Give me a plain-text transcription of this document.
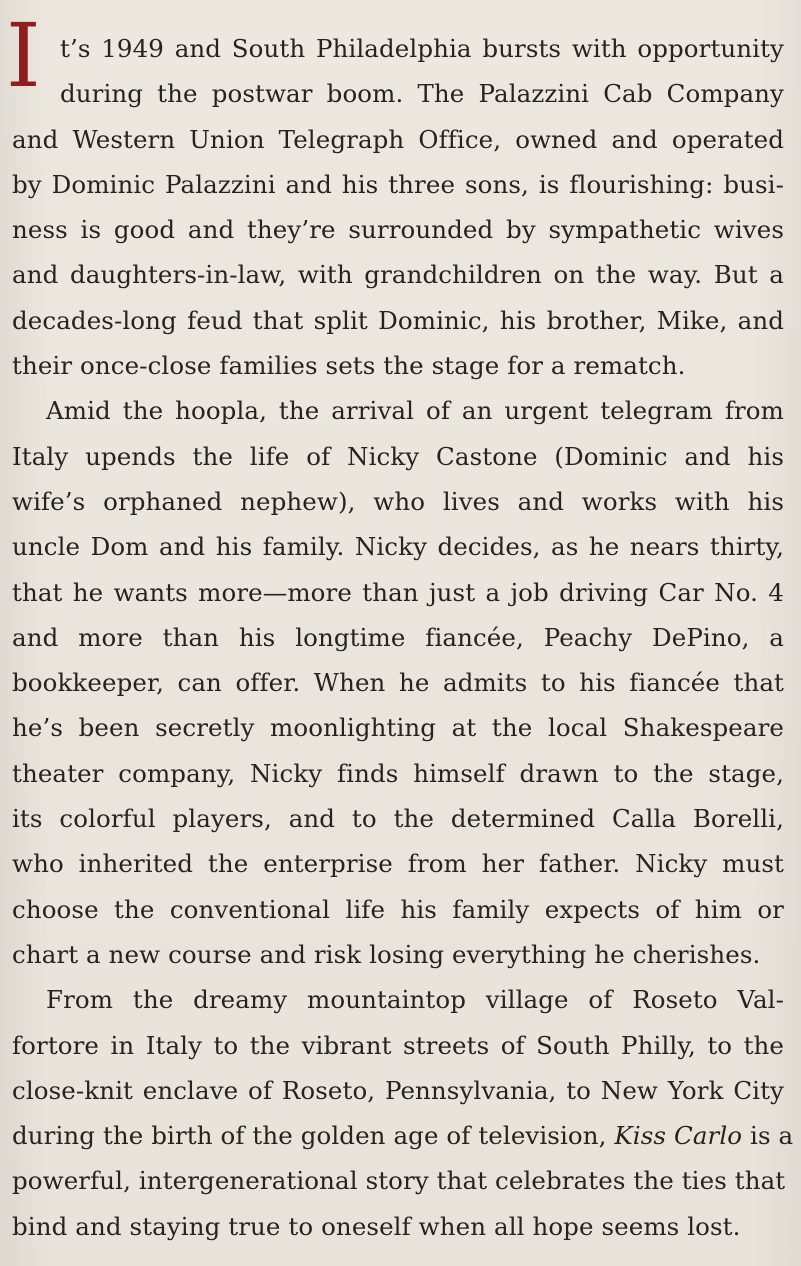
I t’s 1949 and South Philadelphia bursts with opportunity
during the postwar boom. The Palazzini Cab Company
and Western Union Telegraph Office, owned and operated
by Dominic Palazzini and his three sons, is flourishing: busi-
ness is good and they’re surrounded by sympathetic wives
and daughters-in-law, with grandchildren on the way. But a
decades-long feud that split Dominic, his brother, Mike, and
their once-close families sets the stage for a rematch.
Amid the hoopla, the arrival of an urgent telegram from
Italy upends the life of Nicky Castone (Dominic and his
wife’s orphaned nephew), who lives and works with his
uncle Dom and his family. Nicky decides, as he nears thirty,
that he wants more—more than just a job driving Car No. 4
and more than his longtime fiancée, Peachy DePino, a
bookkeeper, can offer. When he admits to his fiancée that
he’s been secretly moonlighting at the local Shakespeare
theater company, Nicky finds himself drawn to the stage,
its colorful players, and to the determined Calla Borelli,
who inherited the enterprise from her father. Nicky must
choose the conventional life his family expects of him or
chart a new course and risk losing everything he cherishes.
From the dreamy mountaintop village of Roseto Val-
fortore in Italy to the vibrant streets of South Philly, to the
close-knit enclave of Roseto, Pennsylvania, to New York City
during the birth of the golden age of television, Kiss Carlo is a
powerful, intergenerational story that celebrates the ties that
bind and staying true to oneself when all hope seems lost.
